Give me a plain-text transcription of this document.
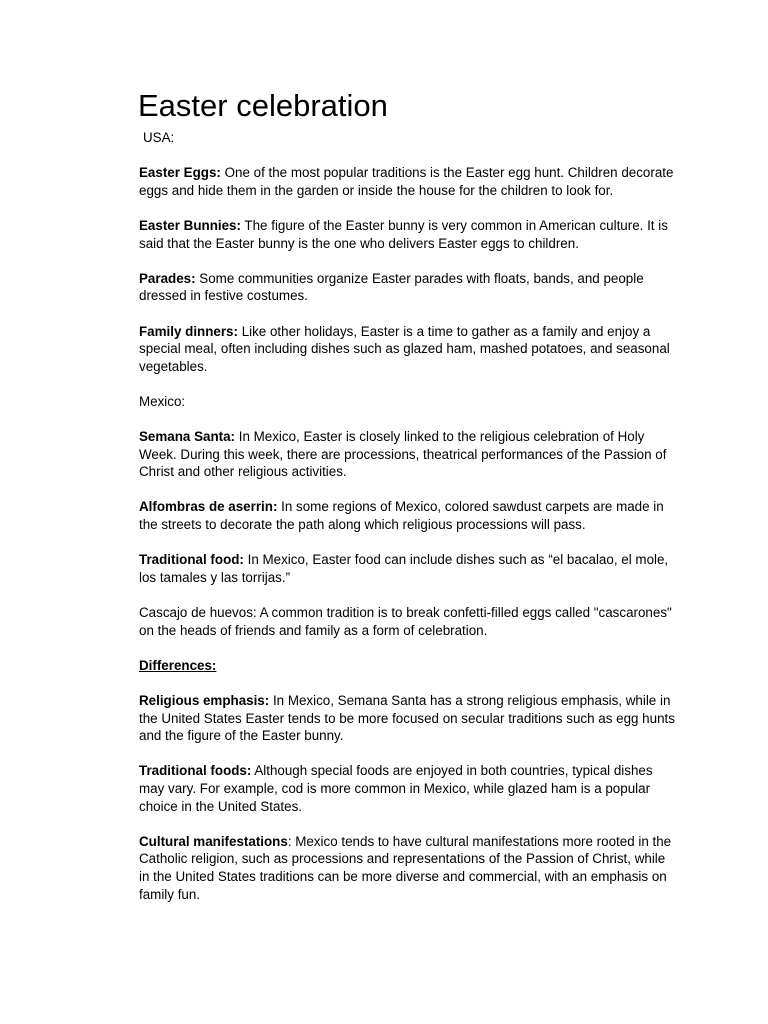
Easter celebration
USA:
Easter Eggs: One of the most popular traditions is the Easter egg hunt. Children decorate eggs and hide them in the garden or inside the house for the children to look for.
Easter Bunnies: The figure of the Easter bunny is very common in American culture. It is said that the Easter bunny is the one who delivers Easter eggs to children.
Parades: Some communities organize Easter parades with floats, bands, and people dressed in festive costumes.
Family dinners: Like other holidays, Easter is a time to gather as a family and enjoy a special meal, often including dishes such as glazed ham, mashed potatoes, and seasonal vegetables.
Mexico:
Semana Santa: In Mexico, Easter is closely linked to the religious celebration of Holy Week. During this week, there are processions, theatrical performances of the Passion of Christ and other religious activities.
Alfombras de aserrin: In some regions of Mexico, colored sawdust carpets are made in the streets to decorate the path along which religious processions will pass.
Traditional food: In Mexico, Easter food can include dishes such as “el bacalao, el mole, los tamales y las torrijas.”
Cascajo de huevos: A common tradition is to break confetti-filled eggs called "cascarones" on the heads of friends and family as a form of celebration.
Differences:
Religious emphasis: In Mexico, Semana Santa has a strong religious emphasis, while in the United States Easter tends to be more focused on secular traditions such as egg hunts and the figure of the Easter bunny.
Traditional foods: Although special foods are enjoyed in both countries, typical dishes may vary. For example, cod is more common in Mexico, while glazed ham is a popular choice in the United States.
Cultural manifestations: Mexico tends to have cultural manifestations more rooted in the Catholic religion, such as processions and representations of the Passion of Christ, while in the United States traditions can be more diverse and commercial, with an emphasis on family fun.
